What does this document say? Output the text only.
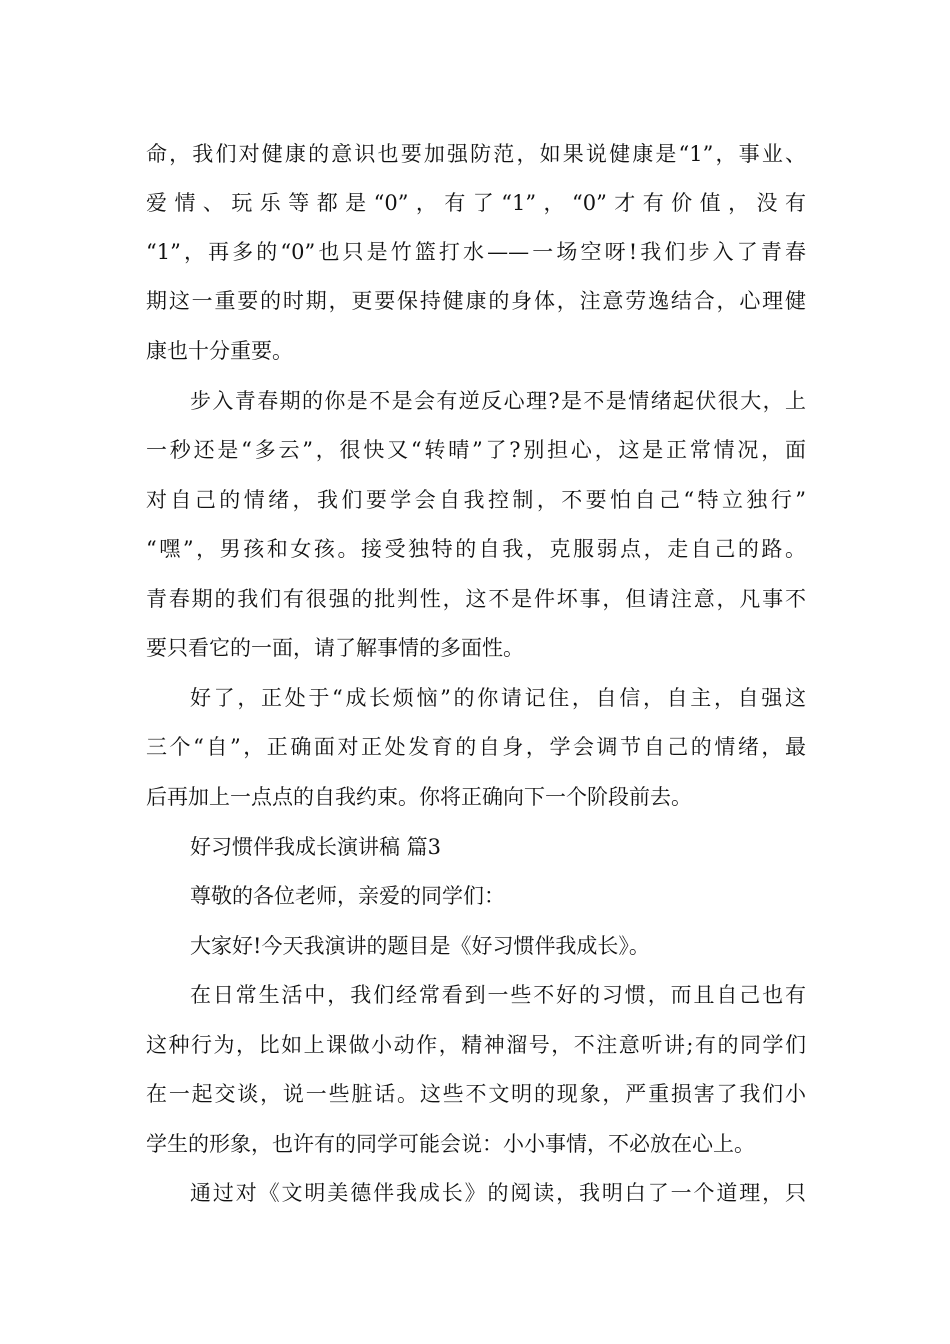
命，我们对健康的意识也要加强防范，如果说健康是“1”，事业、
爱情、玩乐等都是“0”，有了“1”，“0”才有价值，没有
“1”，再多的“0”也只是竹篮打水——一场空呀!我们步入了青春
期这一重要的时期，更要保持健康的身体，注意劳逸结合，心理健
康也十分重要。
步入青春期的你是不是会有逆反心理?是不是情绪起伏很大，上
一秒还是“多云”，很快又“转晴”了?别担心，这是正常情况，面
对自己的情绪，我们要学会自我控制，不要怕自己“特立独行”
“嘿”，男孩和女孩。接受独特的自我，克服弱点，走自己的路。
青春期的我们有很强的批判性，这不是件坏事，但请注意，凡事不
要只看它的一面，请了解事情的多面性。
好了，正处于“成长烦恼”的你请记住，自信，自主，自强这
三个“自”，正确面对正处发育的自身，学会调节自己的情绪，最
后再加上一点点的自我约束。你将正确向下一个阶段前去。
好习惯伴我成长演讲稿 篇3
尊敬的各位老师，亲爱的同学们：
大家好!今天我演讲的题目是《好习惯伴我成长》。
在日常生活中，我们经常看到一些不好的习惯，而且自己也有
这种行为，比如上课做小动作，精神溜号，不注意听讲;有的同学们
在一起交谈，说一些脏话。这些不文明的现象，严重损害了我们小
学生的形象，也许有的同学可能会说：小小事情，不必放在心上。
通过对《文明美德伴我成长》的阅读，我明白了一个道理，只
